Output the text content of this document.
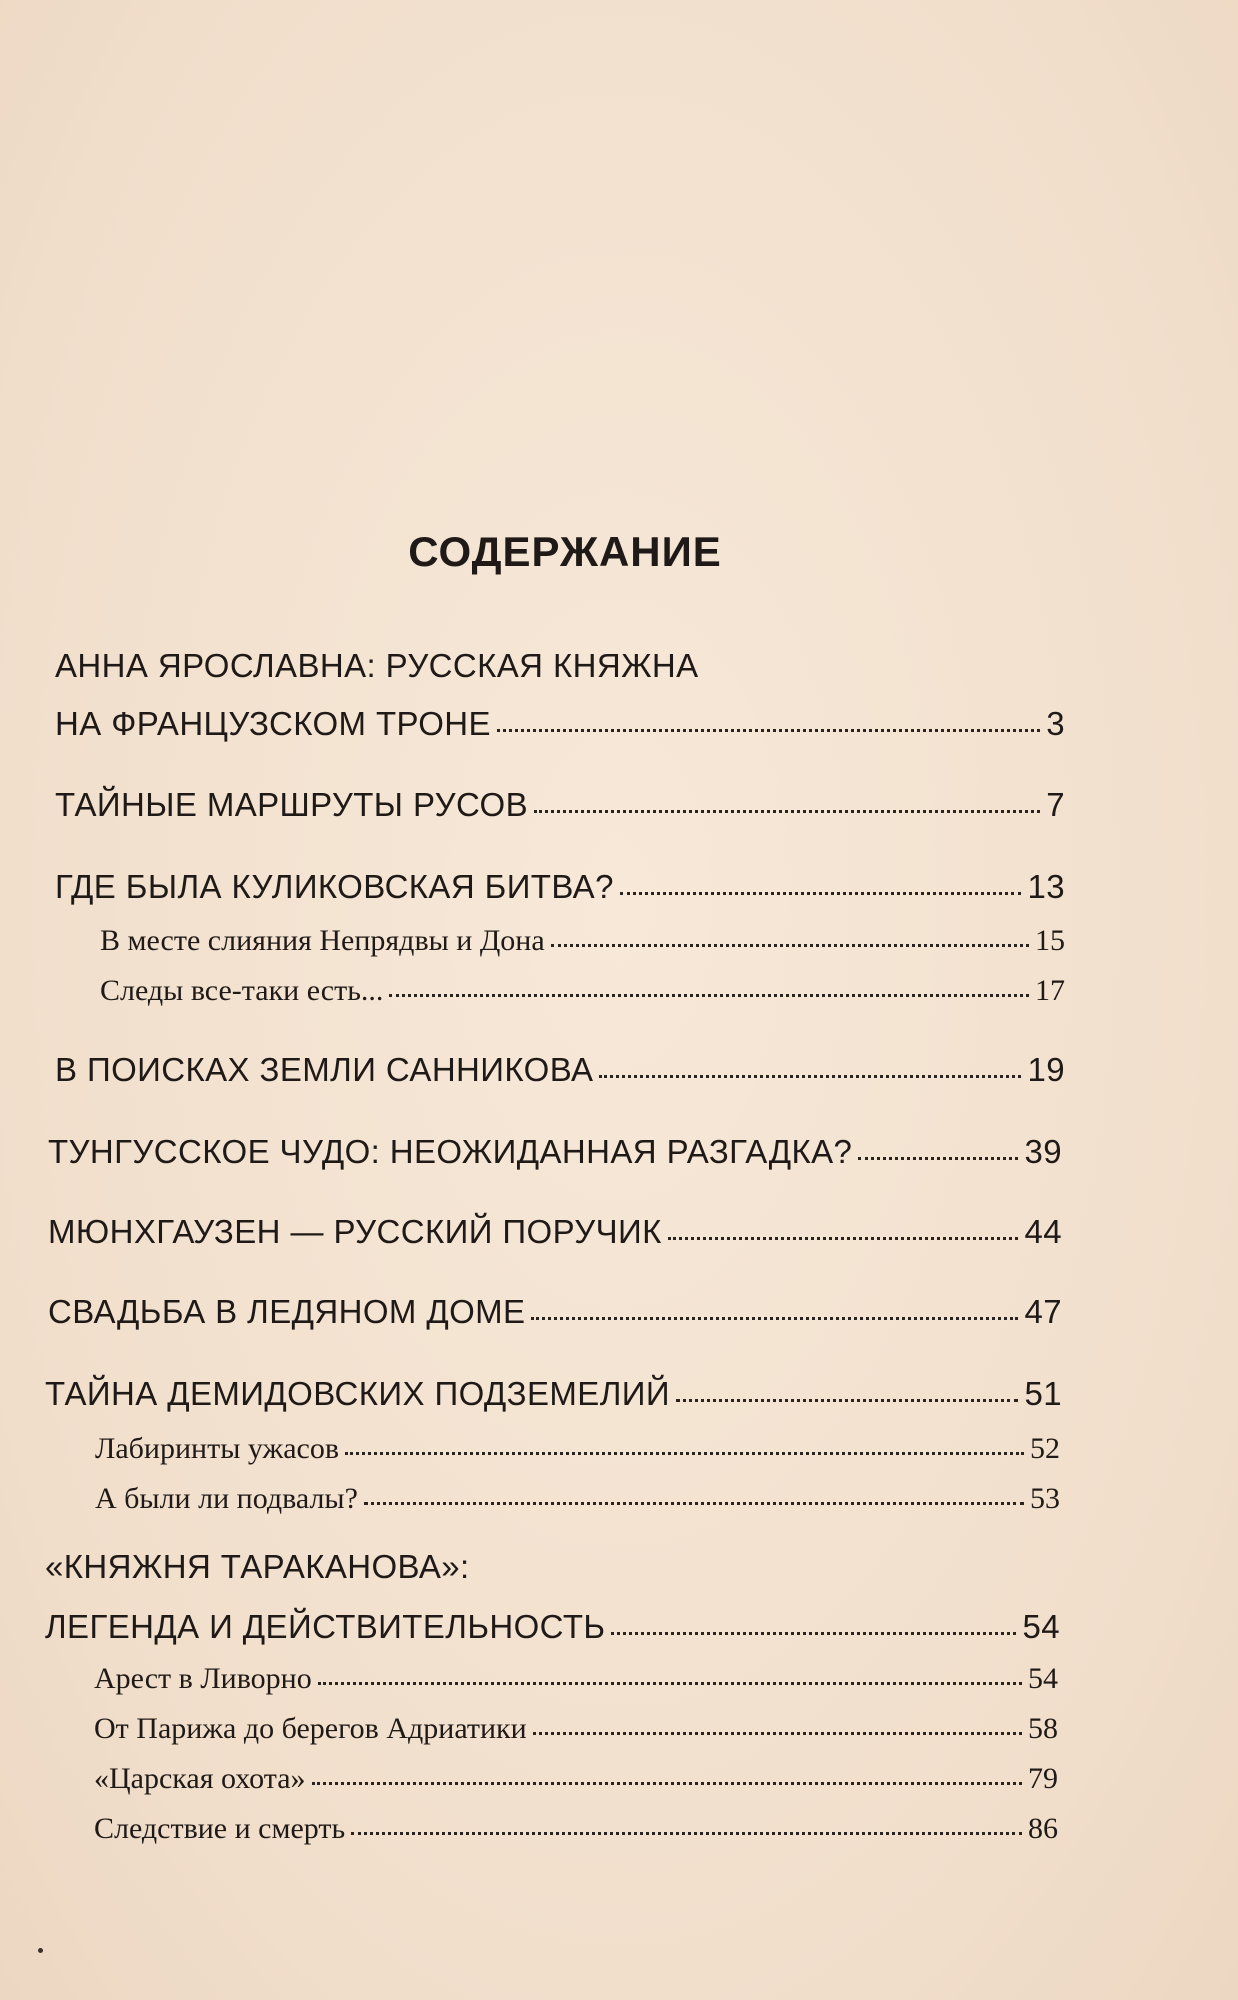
СОДЕРЖАНИЕ
АННА ЯРОСЛАВНА: РУССКАЯ КНЯЖНА
НА ФРАНЦУЗСКОМ ТРОНЕ	3
ТАЙНЫЕ МАРШРУТЫ РУСОВ	7
ГДЕ БЫЛА КУЛИКОВСКАЯ БИТВА?	13
В месте слияния Непрядвы и Дона	15
Следы все-таки есть...	17
В ПОИСКАХ ЗЕМЛИ САННИКОВА	19
ТУНГУССКОЕ ЧУДО: НЕОЖИДАННАЯ РАЗГАДКА?	39
МЮНХГАУЗЕН — РУССКИЙ ПОРУЧИК	44
СВАДЬБА В ЛЕДЯНОМ ДОМЕ	47
ТАЙНА ДЕМИДОВСКИХ ПОДЗЕМЕЛИЙ	51
Лабиринты ужасов	52
А были ли подвалы?	53
«КНЯЖНЯ ТАРАКАНОВА»:
ЛЕГЕНДА И ДЕЙСТВИТЕЛЬНОСТЬ	54
Арест в Ливорно	54
От Парижа до берегов Адриатики	58
«Царская охота»	79
Следствие и смерть	86
